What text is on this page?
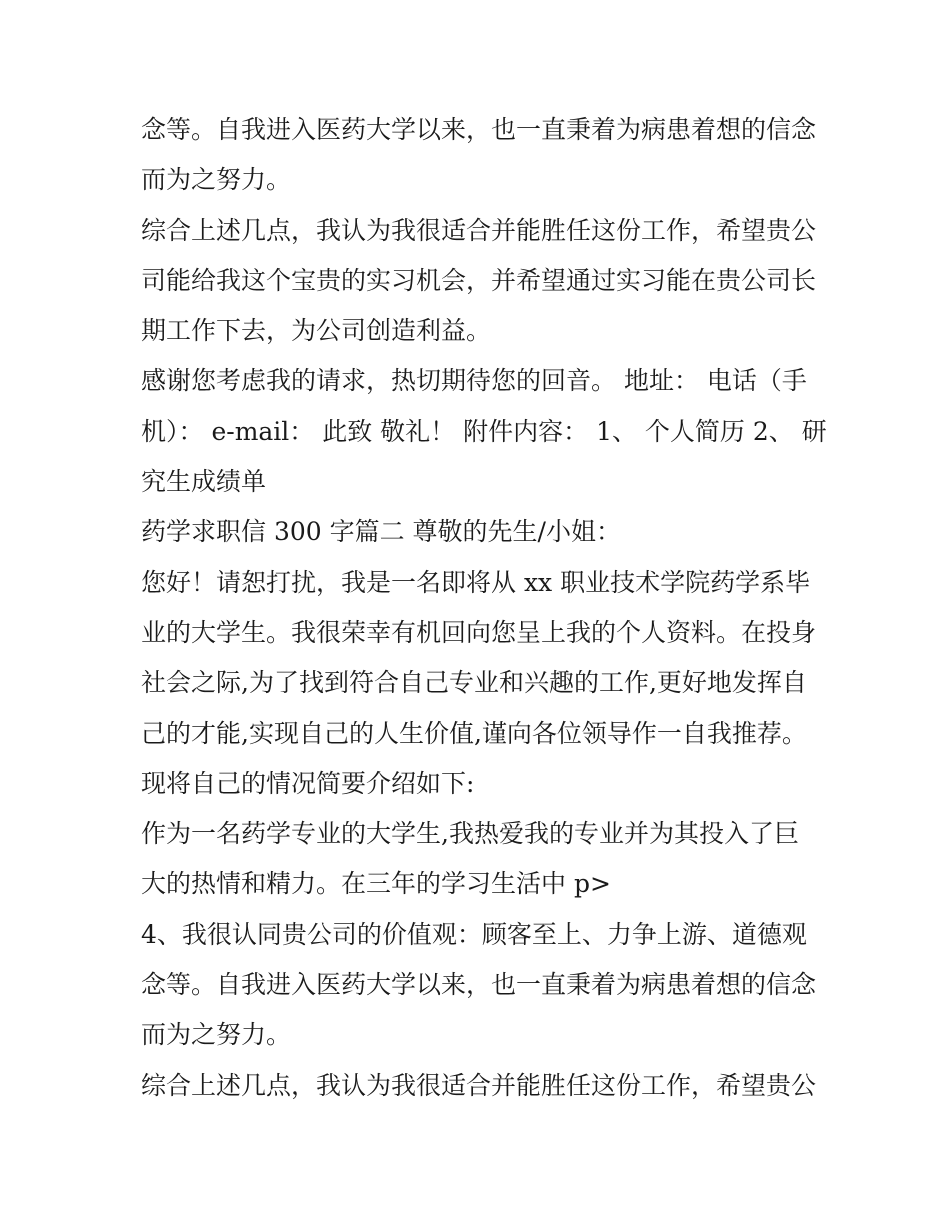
念等。自我进入医药大学以来，也一直秉着为病患着想的信念
而为之努力。
综合上述几点，我认为我很适合并能胜任这份工作，希望贵公
司能给我这个宝贵的实习机会，并希望通过实习能在贵公司长
期工作下去，为公司创造利益。
感谢您考虑我的请求，热切期待您的回音。 地址： 电话（手
机）： e-mail： 此致 敬礼！ 附件内容： 1、 个人简历 2、 研
究生成绩单
药学求职信 300 字篇二 尊敬的先生/小姐：
您好！请恕打扰，我是一名即将从 xx 职业技术学院药学系毕
业的大学生。我很荣幸有机回向您呈上我的个人资料。在投身
社会之际,为了找到符合自己专业和兴趣的工作,更好地发挥自
己的才能,实现自己的人生价值,谨向各位领导作一自我推荐。
现将自己的情况简要介绍如下:
作为一名药学专业的大学生,我热爱我的专业并为其投入了巨
大的热情和精力。在三年的学习生活中 p>
4、我很认同贵公司的价值观：顾客至上、力争上游、道德观
念等。自我进入医药大学以来，也一直秉着为病患着想的信念
而为之努力。
综合上述几点，我认为我很适合并能胜任这份工作，希望贵公
